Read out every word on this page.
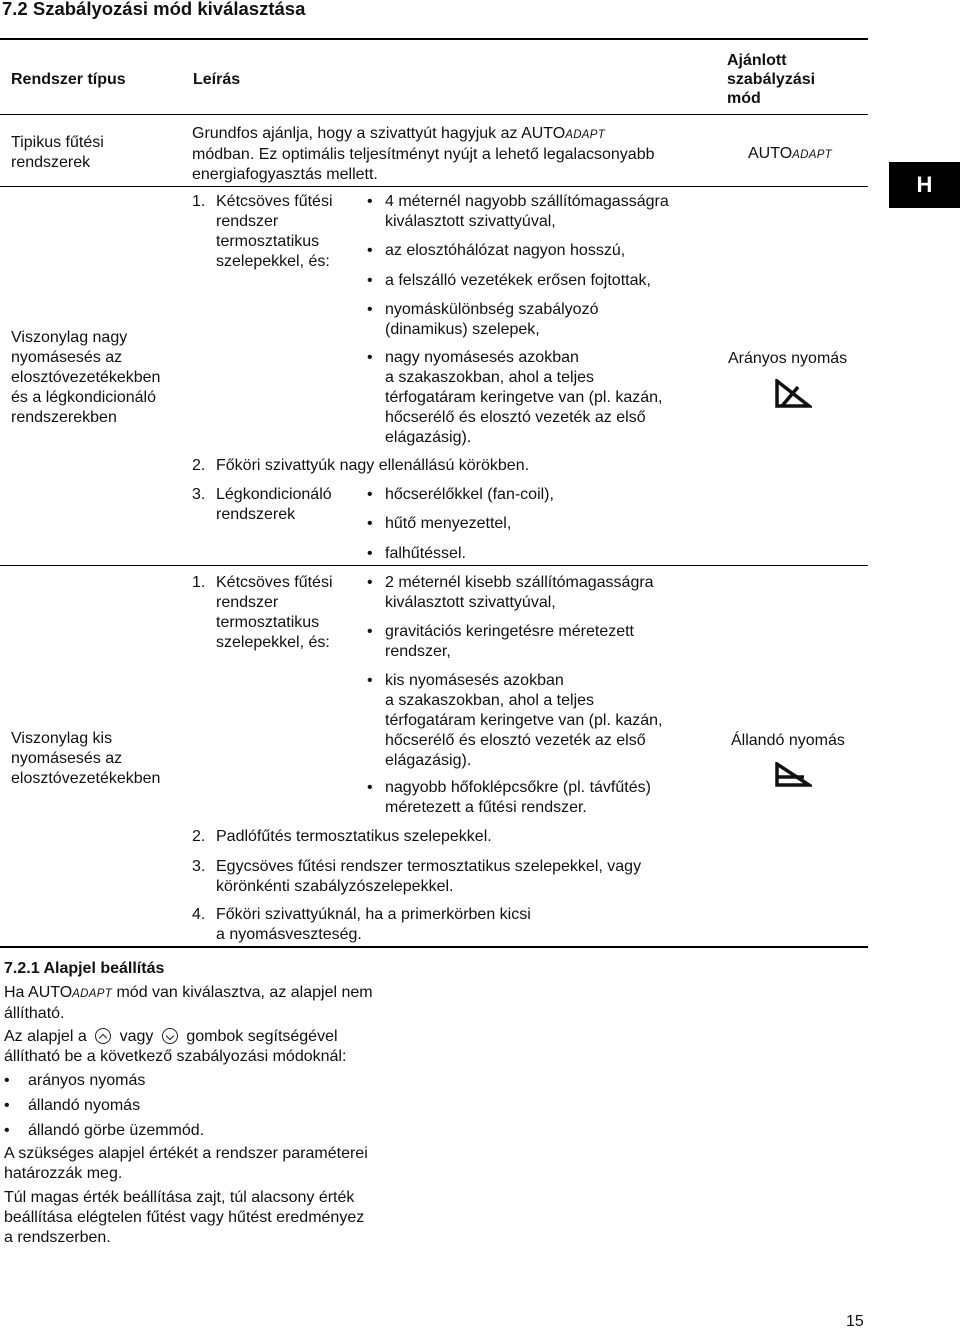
7.2 Szabályozási mód kiválasztása
Rendszer típus	Leírás
Ajánlott
szabályzási
mód
Tipikus fűtési
rendszerek
Grundfos ajánlja, hogy a szivattyút hagyjuk az AUTOADAPT
módban. Ez optimális teljesítményt nyújt a lehető legalacsonyabb
energiafogyasztás mellett.
AUTOADAPT
Viszonylag nagy
nyomásesés az
elosztóvezetékekben
és a légkondicionáló
rendszerekben
1. Kétcsöves fűtési
rendszer
termosztatikus
szelepekkel, és:
• 4 méternél nagyobb szállítómagasságra
kiválasztott szivattyúval,
• az elosztóhálózat nagyon hosszú,
• a felszálló vezetékek erősen fojtottak,
• nyomáskülönbség szabályozó
(dinamikus) szelepek,
• nagy nyomásesés azokban
a szakaszokban, ahol a teljes
térfogatáram keringetve van (pl. kazán,
hőcserélő és elosztó vezeték az első
elágazásig).
2. Főköri szivattyúk nagy ellenállású körökben.
3. Légkondicionáló
rendszerek
• hőcserélőkkel (fan-coil),
• hűtő menyezettel,
• falhűtéssel.
Arányos nyomás
Viszonylag kis
nyomásesés az
elosztóvezetékekben
1. Kétcsöves fűtési
rendszer
termosztatikus
szelepekkel, és:
• 2 méternél kisebb szállítómagasságra
kiválasztott szivattyúval,
• gravitációs keringetésre méretezett
rendszer,
• kis nyomásesés azokban
a szakaszokban, ahol a teljes
térfogatáram keringetve van (pl. kazán,
hőcserélő és elosztó vezeték az első
elágazásig).
• nagyobb hőfoklépcsőkre (pl. távfűtés)
méretezett a fűtési rendszer.
2. Padlófűtés termosztatikus szelepekkel.
3. Egycsöves fűtési rendszer termosztatikus szelepekkel, vagy
körönkénti szabályzószelepekkel.
4. Főköri szivattyúknál, ha a primerkörben kicsi
a nyomásveszteség.
Állandó nyomás
7.2.1 Alapjel beállítás
Ha AUTOADAPT mód van kiválasztva, az alapjel nem
állítható.
Az alapjel a vagy gombok segítségével
állítható be a következő szabályozási módoknál:
• arányos nyomás
• állandó nyomás
• állandó görbe üzemmód.
A szükséges alapjel értékét a rendszer paraméterei
határozzák meg.
Túl magas érték beállítása zajt, túl alacsony érték
beállítása elégtelen fűtést vagy hűtést eredményez
a rendszerben.
H
15
